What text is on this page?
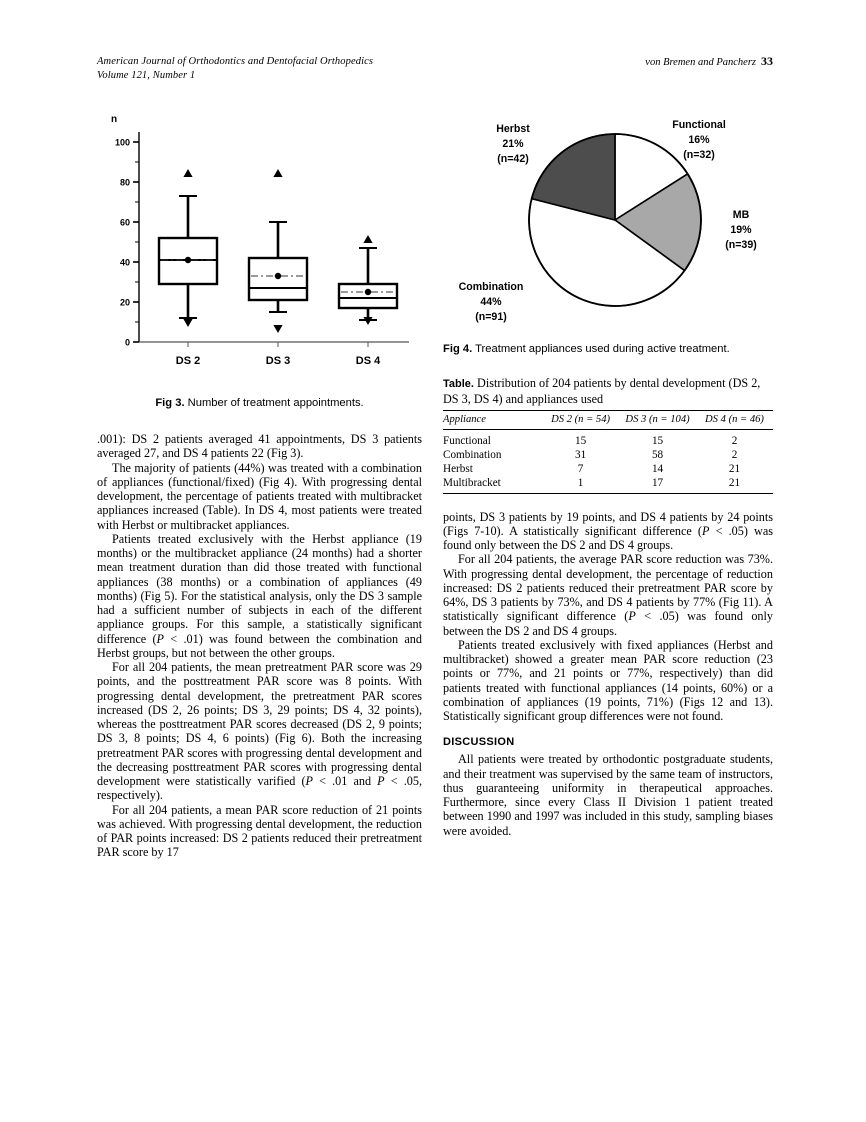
American Journal of Orthodontics and Dentofacial Orthopedics
Volume 121, Number 1
von Bremen and Pancherz 33
n
0
20
40
60
80
100
DS 2	DS 3	DS 4
Fig 3. Number of treatment appointments.

.001): DS 2 patients averaged 41 appointments, DS 3 patients averaged 27, and DS 4 patients 22 (Fig 3).

The majority of patients (44%) was treated with a combination of appliances (functional/fixed) (Fig 4). With progressing dental development, the percentage of patients treated with multibracket appliances increased (Table). In DS 4, most patients were treated with Herbst or multibracket appliances.

Patients treated exclusively with the Herbst appliance (19 months) or the multibracket appliance (24 months) had a shorter mean treatment duration than did those treated with functional appliances (38 months) or a combination of appliances (49 months) (Fig 5). For the statistical analysis, only the DS 3 sample had a sufficient number of subjects in each of the different appliance groups. For this sample, a statistically significant difference (P < .01) was found between the combination and Herbst groups, but not between the other groups.

For all 204 patients, the mean pretreatment PAR score was 29 points, and the posttreatment PAR score was 8 points. With progressing dental development, the pretreatment PAR scores increased (DS 2, 26 points; DS 3, 29 points; DS 4, 32 points), whereas the posttreatment PAR scores decreased (DS 2, 9 points; DS 3, 8 points; DS 4, 6 points) (Fig 6). Both the increasing pretreatment PAR scores with progressing dental development and the decreasing posttreatment PAR scores with progressing dental development were statistically varified (P < .01 and P < .05, respectively).

For all 204 patients, a mean PAR score reduction of 21 points was achieved. With progressing dental development, the reduction of PAR points increased: DS 2 patients reduced their pretreatment PAR score by 17

Functional
16%
(n=32)
MB
19%
(n=39)
Combination
44%
(n=91)
Herbst
21%
(n=42)
Fig 4. Treatment appliances used during active treatment.
Table. Distribution of 204 patients by dental development (DS 2, DS 3, DS 4) and appliances used
Appliance	DS 2 (n = 54)	DS 3 (n = 104)	DS 4 (n = 46)
Functional	15	15	2
Combination	31	58	2
Herbst	7	14	21
Multibracket	1	17	21

points, DS 3 patients by 19 points, and DS 4 patients by 24 points (Figs 7-10). A statistically significant difference (P < .05) was found only between the DS 2 and DS 4 groups.

For all 204 patients, the average PAR score reduction was 73%. With progressing dental development, the percentage of reduction increased: DS 2 patients reduced their pretreatment PAR score by 64%, DS 3 patients by 73%, and DS 4 patients by 77% (Fig 11). A statistically significant difference (P < .05) was found only between the DS 2 and DS 4 groups.

Patients treated exclusively with fixed appliances (Herbst and multibracket) showed a greater mean PAR score reduction (23 points or 77%, and 21 points or 77%, respectively) than did patients treated with functional appliances (14 points, 60%) or a combination of appliances (19 points, 71%) (Figs 12 and 13). Statistically significant group differences were not found.

DISCUSSION

All patients were treated by orthodontic postgraduate students, and their treatment was supervised by the same team of instructors, thus guaranteeing uniformity in therapeutical approaches. Furthermore, since every Class II Division 1 patient treated between 1990 and 1997 was included in this study, sampling biases were avoided.
